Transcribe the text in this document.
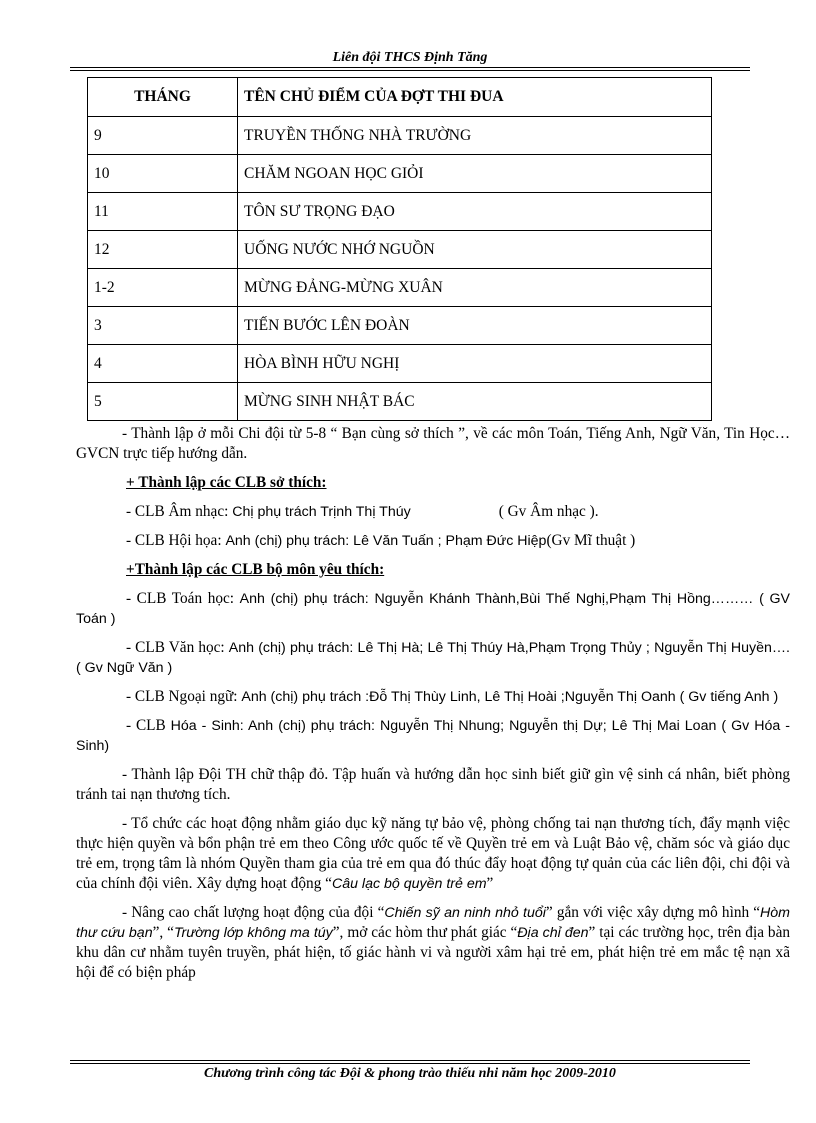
Liên đội THCS Định Tăng
THÁNG	TÊN CHỦ ĐIỂM CỦA ĐỢT THI ĐUA
9	TRUYỀN THỐNG NHÀ TRƯỜNG
10	CHĂM NGOAN HỌC GIỎI
11	TÔN SƯ TRỌNG ĐẠO
12	UỐNG NƯỚC NHỚ NGUỒN
1-2	MỪNG ĐẢNG-MỪNG XUÂN
3	TIẾN BƯỚC LÊN ĐOÀN
4	HÒA BÌNH HỮU NGHỊ
5	MỪNG SINH NHẬT BÁC

- Thành lập ở mỗi Chi đội từ 5-8 “ Bạn cùng sở thích ”, về các môn Toán, Tiếng Anh, Ngữ Văn, Tin Học… GVCN trực tiếp hướng dẫn.

+ Thành lập các CLB sở thích:

- CLB Âm nhạc: Chị phụ trách Trịnh Thị Thúy	( Gv Âm nhạc ).

- CLB Hội họa: Anh (chị) phụ trách: Lê Văn Tuấn ; Phạm Đức Hiệp(Gv Mĩ thuật )

+Thành lập các CLB bộ môn yêu thích:

- CLB Toán học: Anh (chị) phụ trách: Nguyễn Khánh Thành,Bùi Thế Nghị,Phạm Thị Hồng……… ( GV Toán )

- CLB Văn học: Anh (chị) phụ trách: Lê Thị Hà; Lê Thị Thúy Hà,Phạm Trọng Thủy ; Nguyễn Thị Huyền…. ( Gv Ngữ Văn )

- CLB Ngoại ngữ: Anh (chị) phụ trách :Đỗ Thị Thùy Linh, Lê Thị Hoài ;Nguyễn Thị Oanh ( Gv tiếng Anh )

- CLB Hóa - Sinh: Anh (chị) phụ trách: Nguyễn Thị Nhung; Nguyễn thị Dự; Lê Thị Mai Loan ( Gv Hóa - Sinh)

- Thành lập Đội TH chữ thập đỏ. Tập huấn và hướng dẫn học sinh biết giữ gìn vệ sinh cá nhân, biết phòng tránh tai nạn thương tích.

- Tổ chức các hoạt động nhằm giáo dục kỹ năng tự bảo vệ, phòng chống tai nạn thương tích, đẩy mạnh việc thực hiện quyền và bổn phận trẻ em theo Công ước quốc tế về Quyền trẻ em và Luật Bảo vệ, chăm sóc và giáo dục trẻ em, trọng tâm là nhóm Quyền tham gia của trẻ em qua đó thúc đẩy hoạt động tự quản của các liên đội, chi đội và của chính đội viên. Xây dựng hoạt động “Câu lạc bộ quyền trẻ em”

- Nâng cao chất lượng hoạt động của đội “Chiến sỹ an ninh nhỏ tuổi” gắn với việc xây dựng mô hình “Hòm thư cứu bạn”, “Trường lớp không ma túy”, mở các hòm thư phát giác “Địa chỉ đen” tại các trường học, trên địa bàn khu dân cư nhằm tuyên truyền, phát hiện, tố giác hành vi và người xâm hại trẻ em, phát hiện trẻ em mắc tệ nạn xã hội để có biện pháp

Chương trình công tác Đội & phong trào thiếu nhi năm học 2009-2010
